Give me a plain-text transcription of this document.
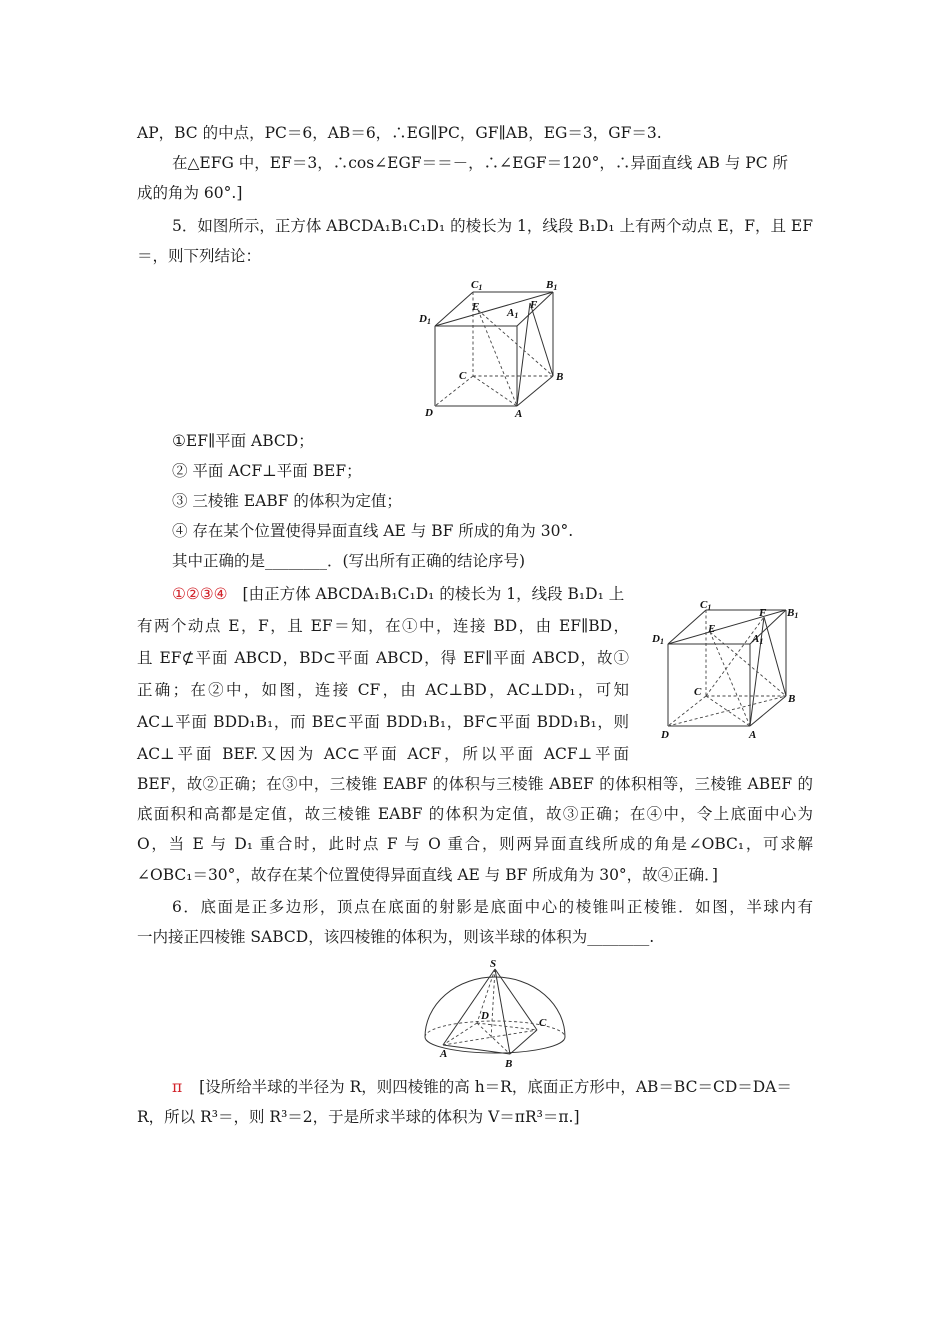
AP，BC 的中点，PC＝6，AB＝6，∴EG∥PC，GF∥AB，EG＝3，GF＝3.
在△EFG 中，EF＝3，∴cos∠EGF＝＝－，∴∠EGF＝120°，∴异面直线 AB 与 PC 所
成的角为 60°.]
5．如图所示，正方体 ABCDA₁B₁C₁D₁ 的棱长为 1，线段 B₁D₁ 上有两个动点 E，F，且 EF
＝，则下列结论：
C1	B1
D1
E	F
A1
C	B
D	A
①EF∥平面 ABCD；
② 平面 ACF⊥平面 BEF；
③ 三棱锥 EABF 的体积为定值；
④ 存在某个位置使得异面直线 AE 与 BF 所成的角为 30°.
其中正确的是________．(写出所有正确的结论序号)
①②③④ [由正方体 ABCDA₁B₁C₁D₁ 的棱长为 1，线段 B₁D₁ 上
有两个动点 E，F，且 EF＝知，在①中，连接 BD，由 EF∥BD，
且 EF⊄平面 ABCD，BD⊂平面 ABCD，得 EF∥平面 ABCD，故①
正确；在②中，如图，连接 CF，由 AC⊥BD，AC⊥DD₁，可知
AC⊥平面 BDD₁B₁，而 BE⊂平面 BDD₁B₁，BF⊂平面 BDD₁B₁，则
AC⊥平面 BEF.又因为 AC⊂平面 ACF，所以平面 ACF⊥平面
C1	B1
D1
E
F
A1
C
B
D	A
BEF，故②正确；在③中，三棱锥 EABF 的体积与三棱锥 ABEF 的体积相等，三棱锥 ABEF 的
底面积和高都是定值，故三棱锥 EABF 的体积为定值，故③正确；在④中，令上底面中心为
O，当 E 与 D₁ 重合时，此时点 F 与 O 重合，则两异面直线所成的角是∠OBC₁，可求解
∠OBC₁＝30°，故存在某个位置使得异面直线 AE 与 BF 所成角为 30°，故④正确．]
6．底面是正多边形，顶点在底面的射影是底面中心的棱锥叫正棱锥．如图，半球内有
一内接正四棱锥 SABCD，该四棱锥的体积为，则该半球的体积为________.
S
D
C
A
B
π [设所给半球的半径为 R，则四棱锥的高 h＝R，底面正方形中，AB＝BC＝CD＝DA＝
R，所以 R³＝，则 R³＝2，于是所求半球的体积为 V＝πR³＝π.]
